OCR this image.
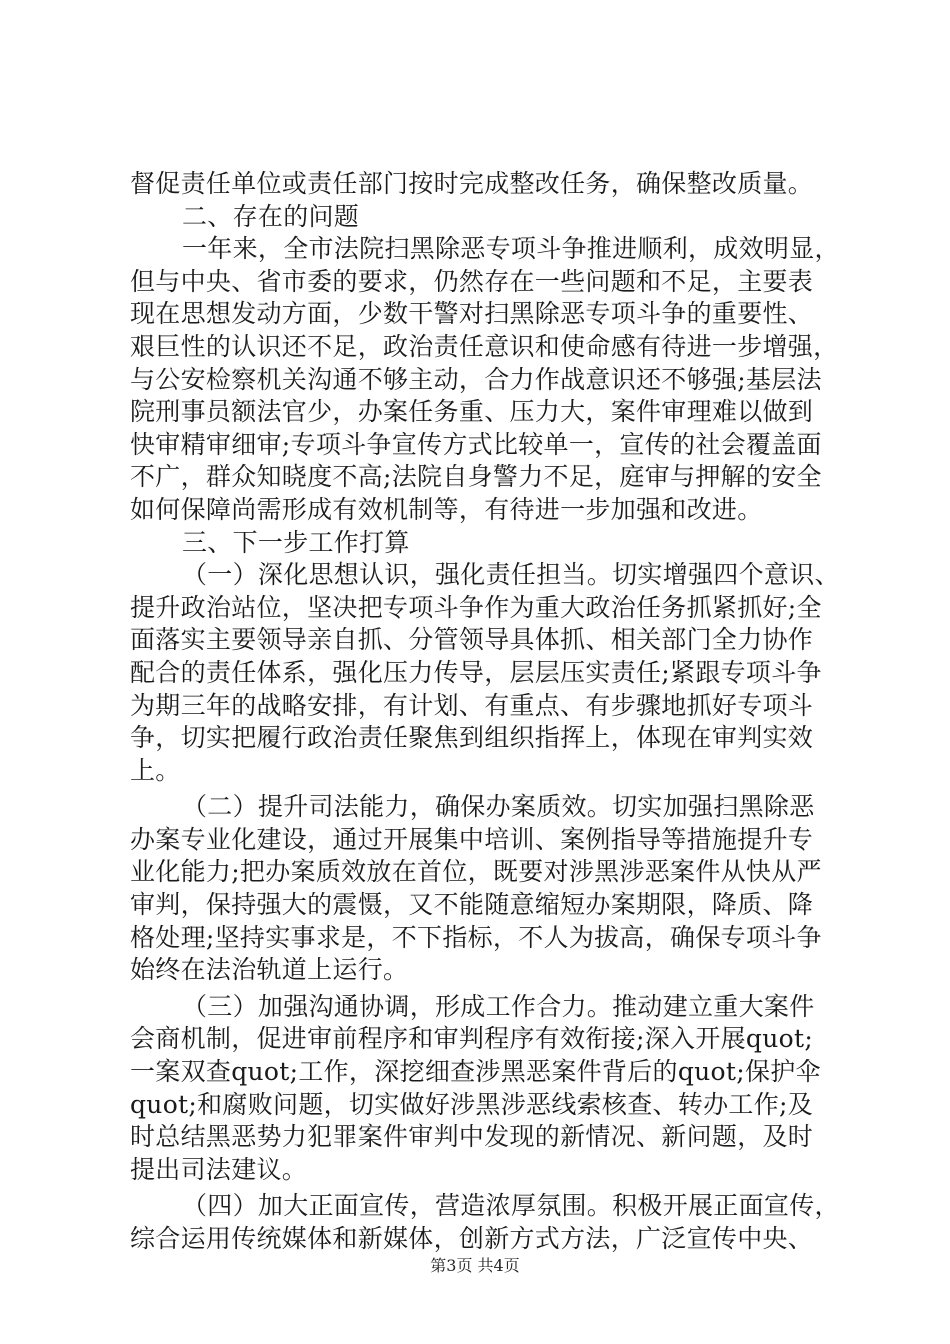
督促责任单位或责任部门按时完成整改任务，确保整改质量。
二、存在的问题
一年来，全市法院扫黑除恶专项斗争推进顺利，成效明显，
但与中央、省市委的要求，仍然存在一些问题和不足，主要表
现在思想发动方面，少数干警对扫黑除恶专项斗争的重要性、
艰巨性的认识还不足，政治责任意识和使命感有待进一步增强，
与公安检察机关沟通不够主动，合力作战意识还不够强;基层法
院刑事员额法官少，办案任务重、压力大，案件审理难以做到
快审精审细审;专项斗争宣传方式比较单一，宣传的社会覆盖面
不广，群众知晓度不高;法院自身警力不足，庭审与押解的安全
如何保障尚需形成有效机制等，有待进一步加强和改进。
三、下一步工作打算
（一）深化思想认识，强化责任担当。切实增强四个意识、
提升政治站位，坚决把专项斗争作为重大政治任务抓紧抓好;全
面落实主要领导亲自抓、分管领导具体抓、相关部门全力协作
配合的责任体系，强化压力传导，层层压实责任;紧跟专项斗争
为期三年的战略安排，有计划、有重点、有步骤地抓好专项斗
争，切实把履行政治责任聚焦到组织指挥上，体现在审判实效
上。
（二）提升司法能力，确保办案质效。切实加强扫黑除恶
办案专业化建设，通过开展集中培训、案例指导等措施提升专
业化能力;把办案质效放在首位，既要对涉黑涉恶案件从快从严
审判，保持强大的震慑，又不能随意缩短办案期限，降质、降
格处理;坚持实事求是，不下指标，不人为拔高，确保专项斗争
始终在法治轨道上运行。
（三）加强沟通协调，形成工作合力。推动建立重大案件
会商机制，促进审前程序和审判程序有效衔接;深入开展quot;
一案双查quot;工作，深挖细查涉黑恶案件背后的quot;保护伞
quot;和腐败问题，切实做好涉黑涉恶线索核查、转办工作;及
时总结黑恶势力犯罪案件审判中发现的新情况、新问题，及时
提出司法建议。
（四）加大正面宣传，营造浓厚氛围。积极开展正面宣传，
综合运用传统媒体和新媒体，创新方式方法，广泛宣传中央、
第3页 共4页
